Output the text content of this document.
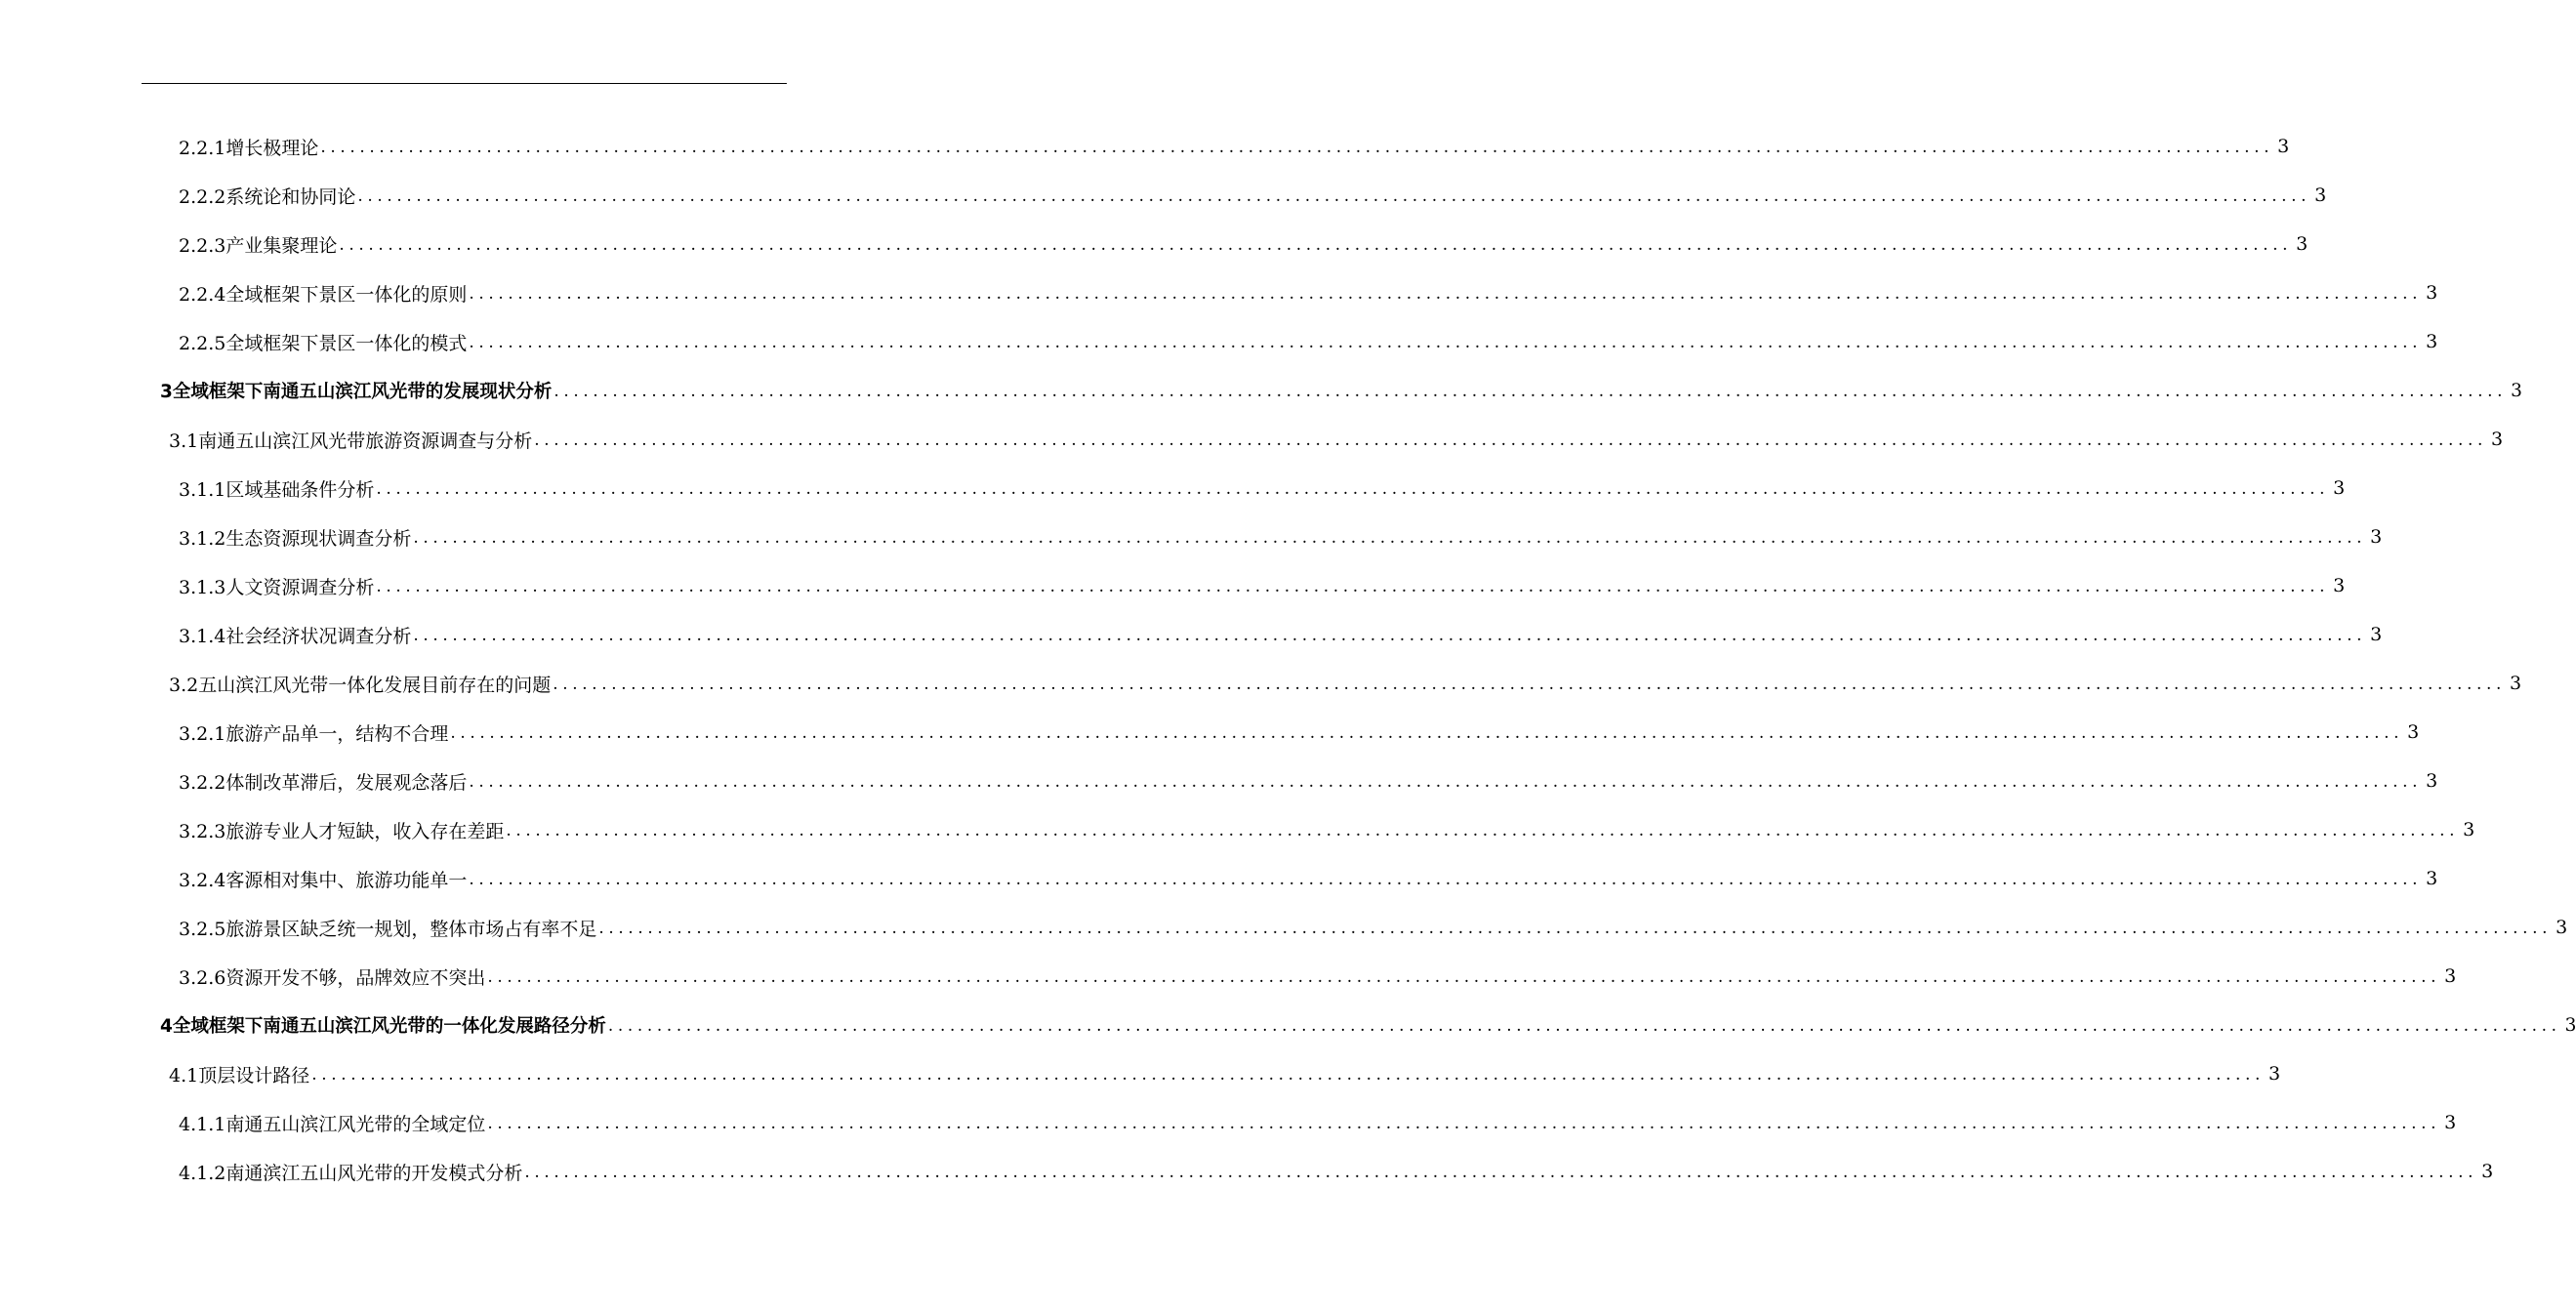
2.2.1增长极理论 ........................................................................................................................................................................................................ 3
2.2.2系统论和协同论 ........................................................................................................................................................................................................ 3
2.2.3产业集聚理论 ........................................................................................................................................................................................................ 3
2.2.4全域框架下景区一体化的原则 ........................................................................................................................................................................................................ 3
2.2.5全域框架下景区一体化的模式 ........................................................................................................................................................................................................ 3
3全域框架下南通五山滨江风光带的发展现状分析 ........................................................................................................................................................................................................ 3
3.1南通五山滨江风光带旅游资源调查与分析 ........................................................................................................................................................................................................ 3
3.1.1区域基础条件分析 ........................................................................................................................................................................................................ 3
3.1.2生态资源现状调查分析 ........................................................................................................................................................................................................ 3
3.1.3人文资源调查分析 ........................................................................................................................................................................................................ 3
3.1.4社会经济状况调查分析 ........................................................................................................................................................................................................ 3
3.2五山滨江风光带一体化发展目前存在的问题 ........................................................................................................................................................................................................ 3
3.2.1旅游产品单一，结构不合理 ........................................................................................................................................................................................................ 3
3.2.2体制改革滞后，发展观念落后 ........................................................................................................................................................................................................ 3
3.2.3旅游专业人才短缺，收入存在差距 ........................................................................................................................................................................................................ 3
3.2.4客源相对集中、旅游功能单一 ........................................................................................................................................................................................................ 3
3.2.5旅游景区缺乏统一规划，整体市场占有率不足 ........................................................................................................................................................................................................ 3
3.2.6资源开发不够，品牌效应不突出 ........................................................................................................................................................................................................ 3
4全域框架下南通五山滨江风光带的一体化发展路径分析 ........................................................................................................................................................................................................ 3
4.1顶层设计路径 ........................................................................................................................................................................................................ 3
4.1.1南通五山滨江风光带的全域定位 ........................................................................................................................................................................................................ 3
4.1.2南通滨江五山风光带的开发模式分析 ........................................................................................................................................................................................................ 3
